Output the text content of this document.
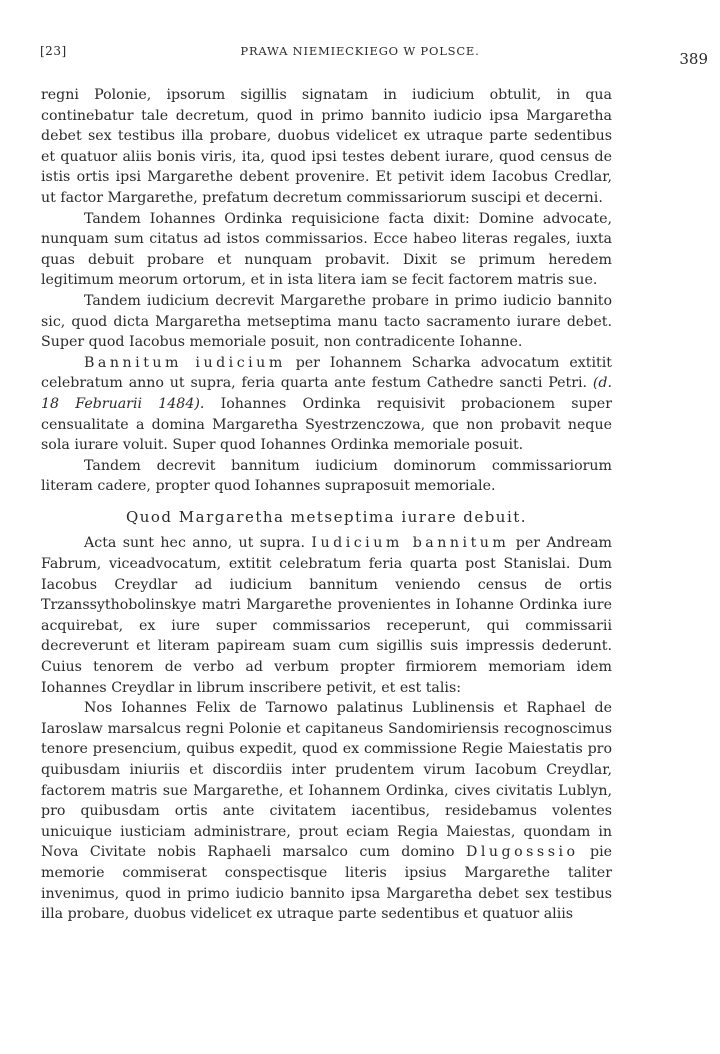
[23]	PRAWA NIEMIECKIEGO W POLSCE.	389

regni Polonie, ipsorum sigillis signatam in iudicium obtulit, in qua continebatur tale decretum, quod in primo bannito iudicio ipsa Margaretha debet sex testibus illa probare, duobus videlicet ex utraque parte sedentibus et quatuor aliis bonis viris, ita, quod ipsi testes debent iurare, quod census de istis ortis ipsi Margarethe debent provenire. Et petivit idem Iacobus Credlar, ut factor Margarethe, prefatum decretum commissariorum suscipi et decerni.

Tandem Iohannes Ordinka requisicione facta dixit: Domine advocate, nunquam sum citatus ad istos commissarios. Ecce habeo literas regales, iuxta quas debuit probare et nunquam probavit. Dixit se primum heredem legitimum meorum ortorum, et in ista litera iam se fecit factorem matris sue.

Tandem iudicium decrevit Margarethe probare in primo iudicio bannito sic, quod dicta Margaretha metseptima manu tacto sacramento iurare debet. Super quod Iacobus memoriale posuit, non contradicente Iohanne.

Bannitum iudicium per Iohannem Scharka advocatum extitit celebratum anno ut supra, feria quarta ante festum Cathedre sancti Petri. (d. 18 Februarii 1484). Iohannes Ordinka requisivit probacionem super censualitate a domina Margaretha Syestrzenczowa, que non probavit neque sola iurare voluit. Super quod Iohannes Ordinka memoriale posuit.

Tandem decrevit bannitum iudicium dominorum commissariorum literam cadere, propter quod Iohannes supraposuit memoriale.

Quod Margaretha metseptima iurare debuit.

Acta sunt hec anno, ut supra. Iudicium bannitum per Andream Fabrum, viceadvocatum, extitit celebratum feria quarta post Stanislai. Dum Iacobus Creydlar ad iudicium bannitum veniendo census de ortis Trzanssythobolinskye matri Margarethe provenientes in Iohanne Ordinka iure acquirebat, ex iure super commissarios receperunt, qui commissarii decreverunt et literam papiream suam cum sigillis suis impressis dederunt. Cuius tenorem de verbo ad verbum propter firmiorem memoriam idem Iohannes Creydlar in librum inscribere petivit, et est talis:

Nos Iohannes Felix de Tarnowo palatinus Lublinensis et Raphael de Iaroslaw marsalcus regni Polonie et capitaneus Sandomiriensis recognoscimus tenore presencium, quibus expedit, quod ex commissione Regie Maiestatis pro quibusdam iniuriis et discordiis inter prudentem virum Iacobum Creydlar, factorem matris sue Margarethe, et Iohannem Ordinka, cives civitatis Lublyn, pro quibusdam ortis ante civitatem iacentibus, residebamus volentes unicuique iusticiam administrare, prout eciam Regia Maiestas, quondam in Nova Civitate nobis Raphaeli marsalco cum domino Dlugosssio pie memorie commiserat conspectisque literis ipsius Margarethe taliter invenimus, quod in primo iudicio bannito ipsa Margaretha debet sex testibus illa probare, duobus videlicet ex utraque parte sedentibus et quatuor aliis
